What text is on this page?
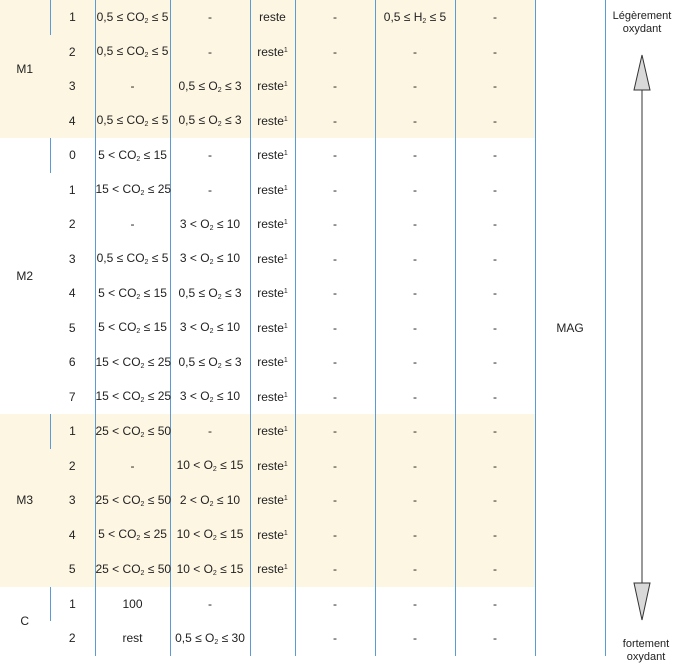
M1	1	$0,5 \le CO_2 \le 5$	-	reste	-	$0,5 \le H_2 \le 5$	-	MAG	
	2	$0,5 \le CO_2 \le 5$	-	reste$^1$	-	-	-		
	3	-	$0,5 \le O_2 \le 3$	reste$^1$	-	-	-		
	4	$0,5 \le CO_2 \le 5$	$0,5 \le O_2 \le 3$	reste$^1$	-	-	-		
M2	0	$5 < CO_2 \le 15$	-	reste$^1$	-	-	-		
	1	$15 < CO_2 \le 25$	-	reste$^1$	-	-	-		
	2	-	$3 < O_2 \le 10$	reste$^1$	-	-	-		
	3	$0,5 \le CO_2 \le 5$	$3 < O_2 \le 10$	reste$^1$	-	-	-		
	4	$5 < CO_2 \le 15$	$0,5 \le O_2 \le 3$	reste$^1$	-	-	-		
	5	$5 < CO_2 \le 15$	$3 < O_2 \le 10$	reste$^1$	-	-	-		
	6	$15 < CO_2 \le 25$	$0,5 \le O_2 \le 3$	reste$^1$	-	-	-		
	7	$15 < CO_2 \le 25$	$3 < O_2 \le 10$	reste$^1$	-	-	-		
M3	1	$25 < CO_2 \le 50$	-	reste$^1$	-	-	-		
	2	-	$10 < O_2 \le 15$	reste$^1$	-	-	-		
	3	$25 < CO_2 \le 50$	$2 < O_2 \le 10$	reste$^1$	-	-	-		
	4	$5 < CO_2 \le 25$	$10 < O_2 \le 15$	reste$^1$	-	-	-		
	5	$25 < CO_2 \le 50$	$10 < O_2 \le 15$	reste$^1$	-	-	-		
C	1	100	-		-	-	-		
	2	rest	$0,5 \le O_2 \le 30$		-	-	-		
Légèrement oxydant
fortement oxydant
